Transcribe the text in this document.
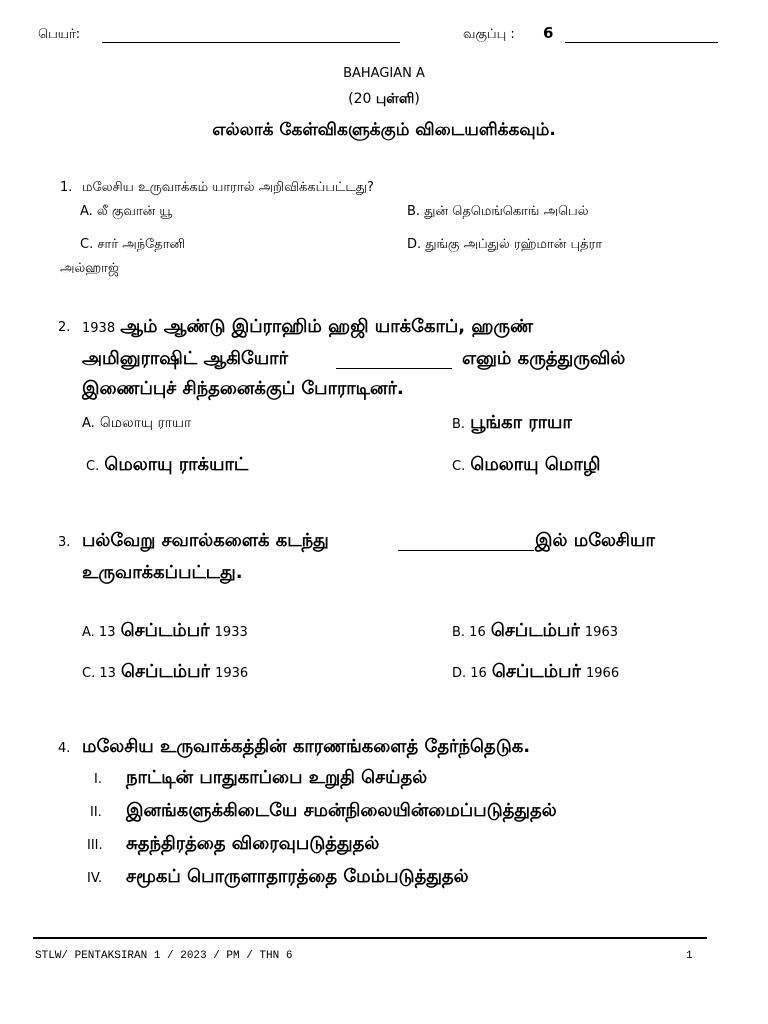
பெயர்:	வகுப்பு : 6
BAHAGIAN A
(20 புள்ளி)
எல்லாக் கேள்விகளுக்கும் விடையளிக்கவும்.
1. மலேசிய உருவாக்கம் யாரால் அறிவிக்கப்பட்டது?
A. லீ குவான் யூ	B. துன் தெமெங்கொங் அபெல்
C. சார் அந்தோனி	D. துங்கு அப்துல் ரஹ்மான் புத்ரா
அல்ஹாஜ்
2. 1938 ஆம் ஆண்டு இப்ராஹிம் ஹஜி யாக்கோப், ஹருண்
அமினுராஷிட் ஆகியோர்	எனும் கருத்துருவில்
இணைப்புச் சிந்தனைக்குப் போராடினர்.
A. மெலாயு ராயா	B. பூங்கா ராயா
C. மெலாயு ராக்யாட்	C. மெலாயு மொழி
3. பல்வேறு சவால்களைக் கடந்து	இல் மலேசியா
உருவாக்கப்பட்டது.
A. 13 செப்டம்பர் 1933	B. 16 செப்டம்பர் 1963
C. 13 செப்டம்பர் 1936	D. 16 செப்டம்பர் 1966
4. மலேசிய உருவாக்கத்தின் காரணங்களைத் தேர்ந்தெடுக.
I. நாட்டின் பாதுகாப்பை உறுதி செய்தல்
II. இனங்களுக்கிடையே சமன்நிலையின்மைப்படுத்துதல்
III. சுதந்திரத்தை விரைவுபடுத்துதல்
IV. சமூகப் பொருளாதாரத்தை மேம்படுத்துதல்
STLW/ PENTAKSIRAN 1 / 2023 / PM / THN 6	1
